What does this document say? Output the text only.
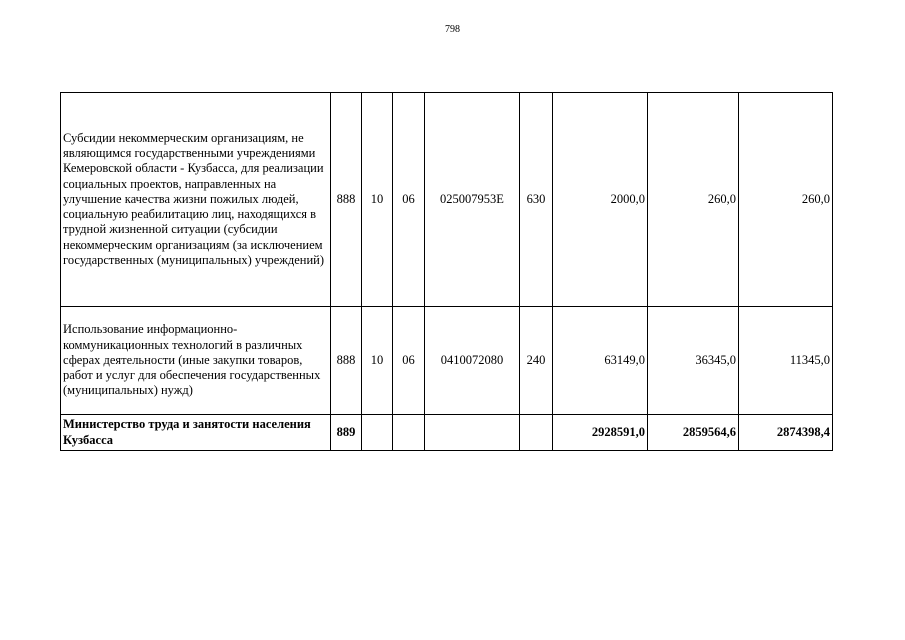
798
Субсидии некоммерческим организациям, не являющимся государственными учреждениями Кемеровской области - Кузбасса, для реализации социальных проектов, направленных на улучшение качества жизни пожилых людей, социальную реабилитацию лиц, находящихся в трудной жизненной ситуации (субсидии некоммерческим организациям (за исключением государственных (муниципальных) учреждений)	888	10	06	025007953E	630	2000,0	260,0	260,0
Использование информационно-коммуникационных технологий в различных сферах деятельности (иные закупки товаров, работ и услуг для обеспечения государственных (муниципальных) нужд)	888	10	06	0410072080	240	63149,0	36345,0	11345,0
Министерство труда и занятости населения Кузбасса	889					2928591,0	2859564,6	2874398,4
